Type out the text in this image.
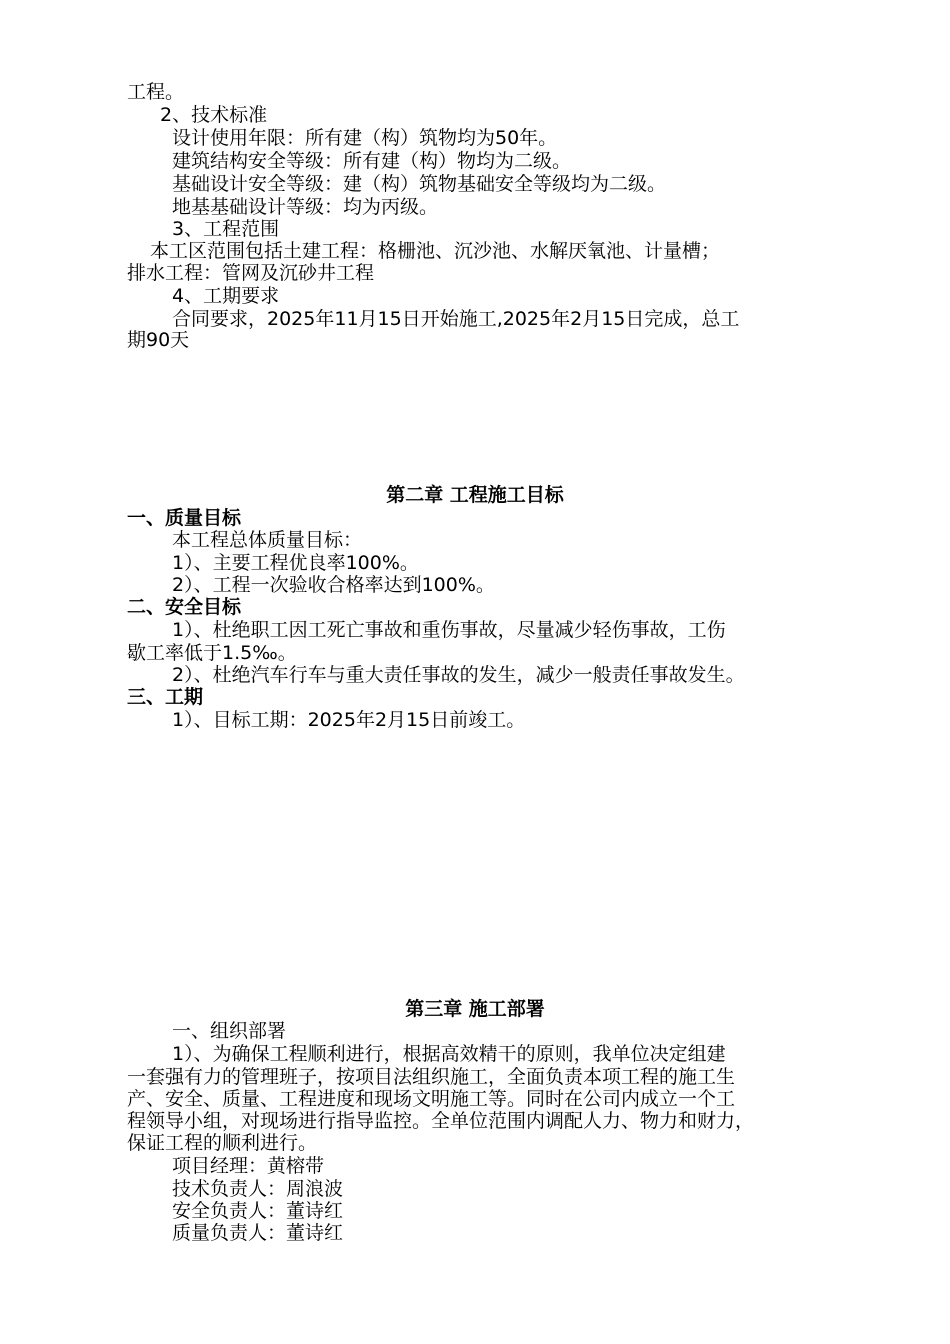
工程。
2、技术标准
设计使用年限：所有建（构）筑物均为50年。
建筑结构安全等级：所有建（构）物均为二级。
基础设计安全等级：建（构）筑物基础安全等级均为二级。
地基基础设计等级：均为丙级。
3、工程范围
本工区范围包括土建工程：格栅池、沉沙池、水解厌氧池、计量槽；
排水工程：管网及沉砂井工程
4、工期要求
合同要求，2025年11月15日开始施工,2025年2月15日完成，总工
期90天
第二章 工程施工目标
一、质量目标
本工程总体质量目标：
1）、主要工程优良率100%。
2）、工程一次验收合格率达到100%。
二、安全目标
1）、杜绝职工因工死亡事故和重伤事故，尽量减少轻伤事故，工伤
歇工率低于1.5‰。
2）、杜绝汽车行车与重大责任事故的发生，减少一般责任事故发生。
三、工期
1）、目标工期：2025年2月15日前竣工。
第三章 施工部署
一、组织部署
1）、为确保工程顺利进行，根据高效精干的原则，我单位决定组建
一套强有力的管理班子，按项目法组织施工，全面负责本项工程的施工生
产、安全、质量、工程进度和现场文明施工等。同时在公司内成立一个工
程领导小组，对现场进行指导监控。全单位范围内调配人力、物力和财力，
保证工程的顺利进行。
项目经理：黄榕带
技术负责人：周浪波
安全负责人：董诗红
质量负责人：董诗红
